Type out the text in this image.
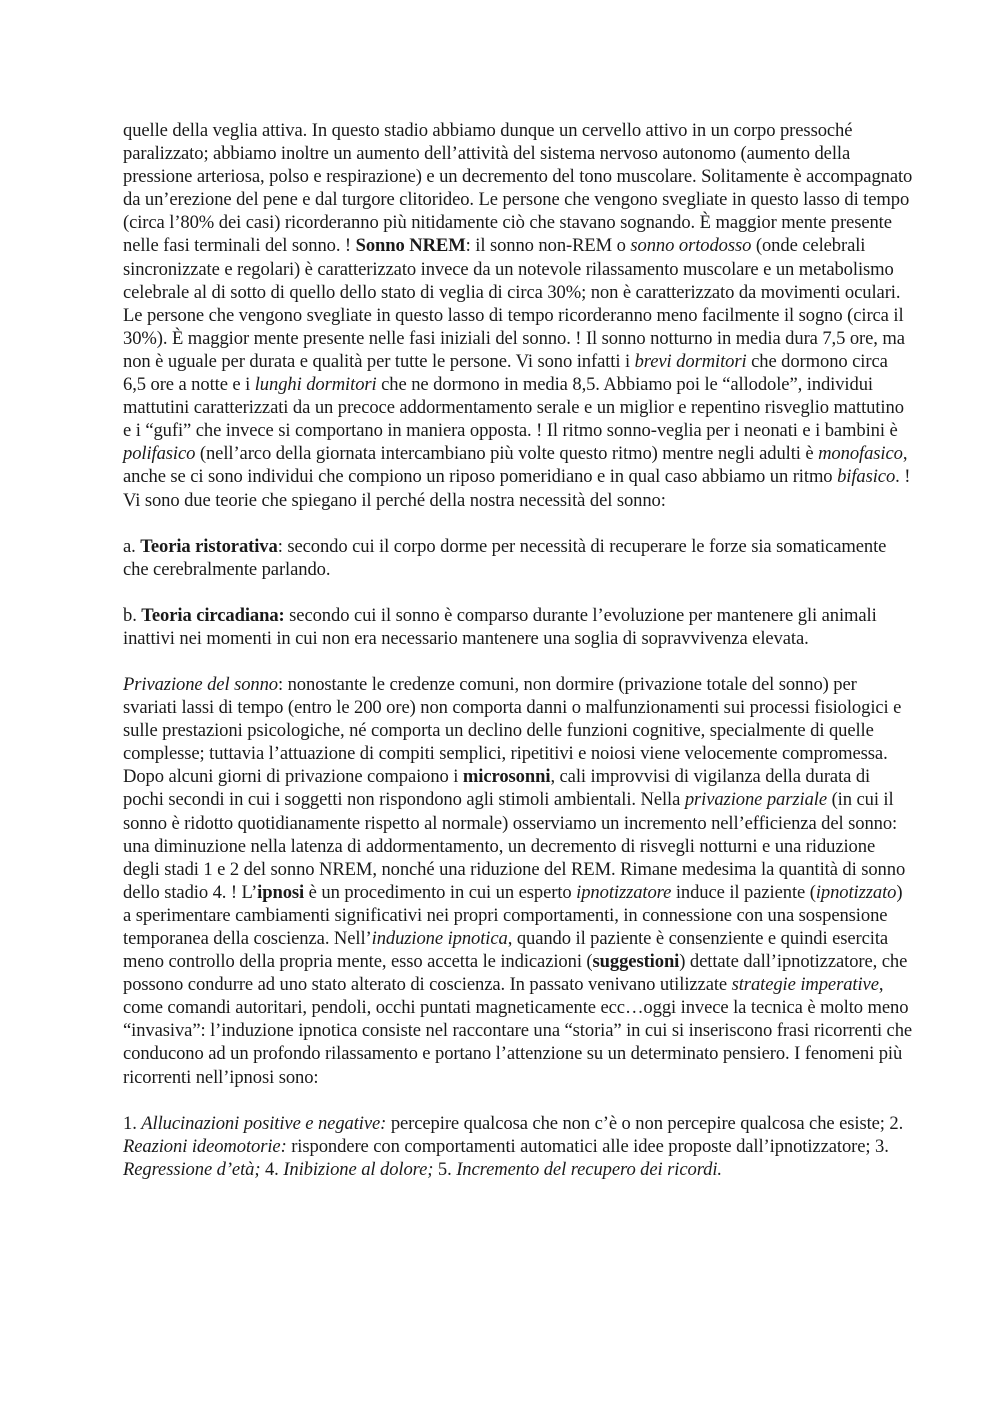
quelle della veglia attiva. In questo stadio abbiamo dunque un cervello attivo in un corpo pressoché paralizzato; abbiamo inoltre un aumento dell’attività del sistema nervoso autonomo (aumento della pressione arteriosa, polso e respirazione) e un decremento del tono muscolare. Solitamente è accompagnato da un’erezione del pene e dal turgore clitorideo. Le persone che vengono svegliate in questo lasso di tempo (circa l’80% dei casi) ricorderanno più nitidamente ciò che stavano sognando. È maggior mente presente nelle fasi terminali del sonno. ! Sonno NREM: il sonno non-REM o sonno ortodosso (onde celebrali sincronizzate e regolari) è caratterizzato invece da un notevole rilassamento muscolare e un metabolismo celebrale al di sotto di quello dello stato di veglia di circa 30%; non è caratterizzato da movimenti oculari. Le persone che vengono svegliate in questo lasso di tempo ricorderanno meno facilmente il sogno (circa il 30%). È maggior mente presente nelle fasi iniziali del sonno. ! Il sonno notturno in media dura 7,5 ore, ma non è uguale per durata e qualità per tutte le persone. Vi sono infatti i brevi dormitori che dormono circa 6,5 ore a notte e i lunghi dormitori che ne dormono in media 8,5. Abbiamo poi le “allodole”, individui mattutini caratterizzati da un precoce addormentamento serale e un miglior e repentino risveglio mattutino e i “gufi” che invece si comportano in maniera opposta. ! Il ritmo sonno-veglia per i neonati e i bambini è polifasico (nell’arco della giornata intercambiano più volte questo ritmo) mentre negli adulti è monofasico, anche se ci sono individui che compiono un riposo pomeridiano e in qual caso abbiamo un ritmo bifasico. ! Vi sono due teorie che spiegano il perché della nostra necessità del sonno:

a. Teoria ristorativa: secondo cui il corpo dorme per necessità di recuperare le forze sia somaticamente che cerebralmente parlando.

b. Teoria circadiana: secondo cui il sonno è comparso durante l’evoluzione per mantenere gli animali inattivi nei momenti in cui non era necessario mantenere una soglia di sopravvivenza elevata.

Privazione del sonno: nonostante le credenze comuni, non dormire (privazione totale del sonno) per svariati lassi di tempo (entro le 200 ore) non comporta danni o malfunzionamenti sui processi fisiologici e sulle prestazioni psicologiche, né comporta un declino delle funzioni cognitive, specialmente di quelle complesse; tuttavia l’attuazione di compiti semplici, ripetitivi e noiosi viene velocemente compromessa. Dopo alcuni giorni di privazione compaiono i microsonni, cali improvvisi di vigilanza della durata di pochi secondi in cui i soggetti non rispondono agli stimoli ambientali. Nella privazione parziale (in cui il sonno è ridotto quotidianamente rispetto al normale) osserviamo un incremento nell’efficienza del sonno: una diminuzione nella latenza di addormentamento, un decremento di risvegli notturni e una riduzione degli stadi 1 e 2 del sonno NREM, nonché una riduzione del REM. Rimane medesima la quantità di sonno dello stadio 4. ! L’ipnosi è un procedimento in cui un esperto ipnotizzatore induce il paziente (ipnotizzato) a sperimentare cambiamenti significativi nei propri comportamenti, in connessione con una sospensione temporanea della coscienza. Nell’induzione ipnotica, quando il paziente è consenziente e quindi esercita meno controllo della propria mente, esso accetta le indicazioni (suggestioni) dettate dall’ipnotizzatore, che possono condurre ad uno stato alterato di coscienza. In passato venivano utilizzate strategie imperative, come comandi autoritari, pendoli, occhi puntati magneticamente ecc…oggi invece la tecnica è molto meno “invasiva”: l’induzione ipnotica consiste nel raccontare una “storia” in cui si inseriscono frasi ricorrenti che conducono ad un profondo rilassamento e portano l’attenzione su un determinato pensiero. I fenomeni più ricorrenti nell’ipnosi sono:

1. Allucinazioni positive e negative: percepire qualcosa che non c’è o non percepire qualcosa che esiste; 2. Reazioni ideomotorie: rispondere con comportamenti automatici alle idee proposte dall’ipnotizzatore; 3. Regressione d’età; 4. Inibizione al dolore; 5. Incremento del recupero dei ricordi.
